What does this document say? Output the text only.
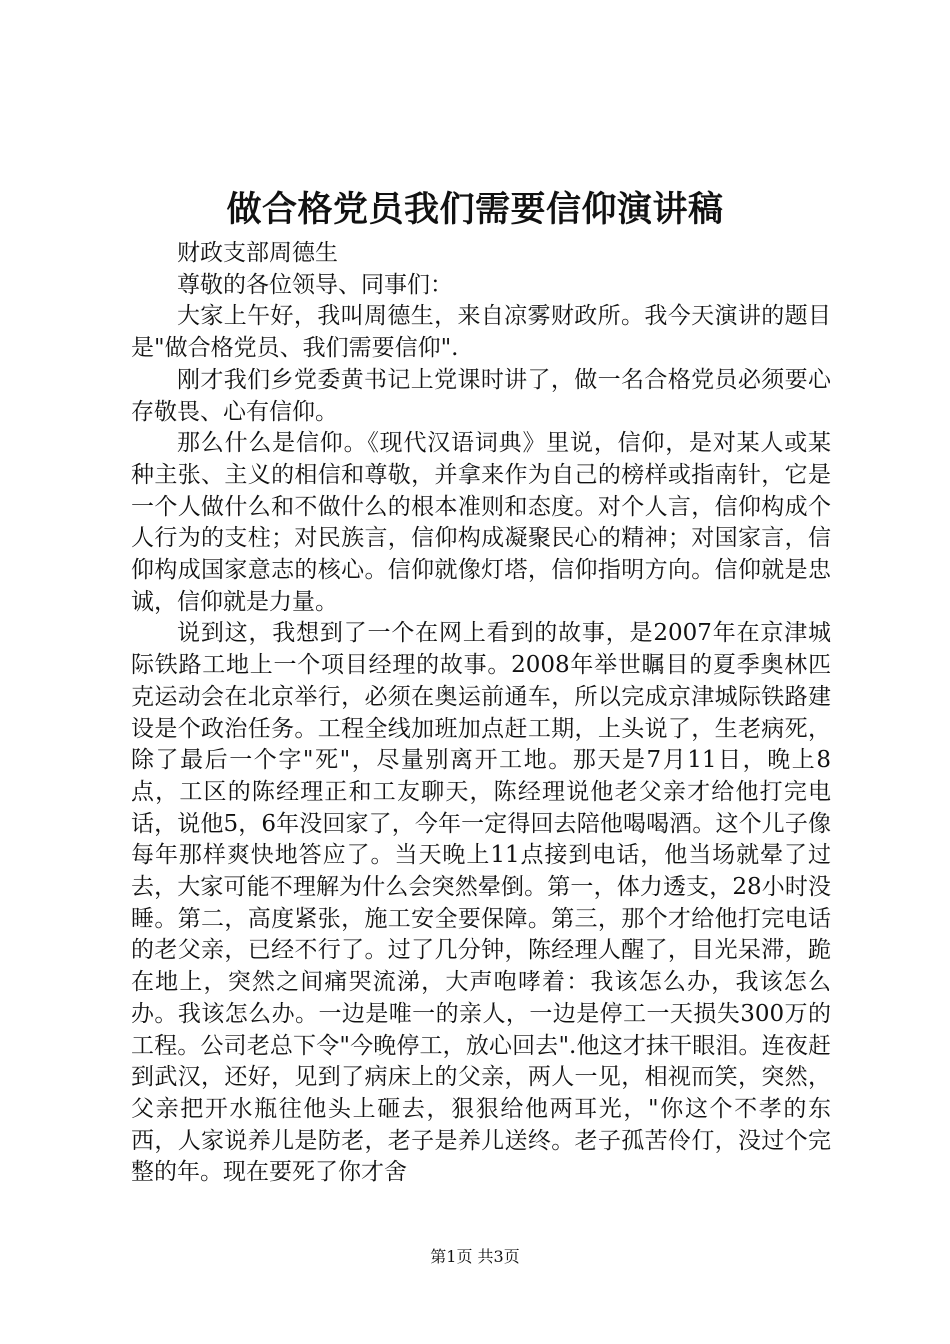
做合格党员我们需要信仰演讲稿

财政支部周德生

尊敬的各位领导、同事们：

大家上午好，我叫周德生，来自凉雾财政所。我今天演讲的题目是"做合格党员、我们需要信仰".

刚才我们乡党委黄书记上党课时讲了，做一名合格党员必须要心存敬畏、心有信仰。

那么什么是信仰。《现代汉语词典》里说，信仰，是对某人或某种主张、主义的相信和尊敬，并拿来作为自己的榜样或指南针，它是一个人做什么和不做什么的根本准则和态度。对个人言，信仰构成个人行为的支柱；对民族言，信仰构成凝聚民心的精神；对国家言，信仰构成国家意志的核心。信仰就像灯塔，信仰指明方向。信仰就是忠诚，信仰就是力量。

说到这，我想到了一个在网上看到的故事，是2007年在京津城际铁路工地上一个项目经理的故事。2008年举世瞩目的夏季奥林匹克运动会在北京举行，必须在奥运前通车，所以完成京津城际铁路建设是个政治任务。工程全线加班加点赶工期，上头说了，生老病死，除了最后一个字"死"，尽量别离开工地。那天是7月11日，晚上8点，工区的陈经理正和工友聊天，陈经理说他老父亲才给他打完电话，说他5，6年没回家了，今年一定得回去陪他喝喝酒。这个儿子像每年那样爽快地答应了。当天晚上11点接到电话，他当场就晕了过去，大家可能不理解为什么会突然晕倒。第一，体力透支，28小时没睡。第二，高度紧张，施工安全要保障。第三，那个才给他打完电话的老父亲，已经不行了。过了几分钟，陈经理人醒了，目光呆滞，跪在地上，突然之间痛哭流涕，大声咆哮着：我该怎么办，我该怎么办。我该怎么办。一边是唯一的亲人，一边是停工一天损失300万的工程。公司老总下令"今晚停工，放心回去".他这才抹干眼泪。连夜赶到武汉，还好，见到了病床上的父亲，两人一见，相视而笑，突然，父亲把开水瓶往他头上砸去，狠狠给他两耳光，"你这个不孝的东西，人家说养儿是防老，老子是养儿送终。老子孤苦伶仃，没过个完整的年。现在要死了你才舍

第1页 共3页
